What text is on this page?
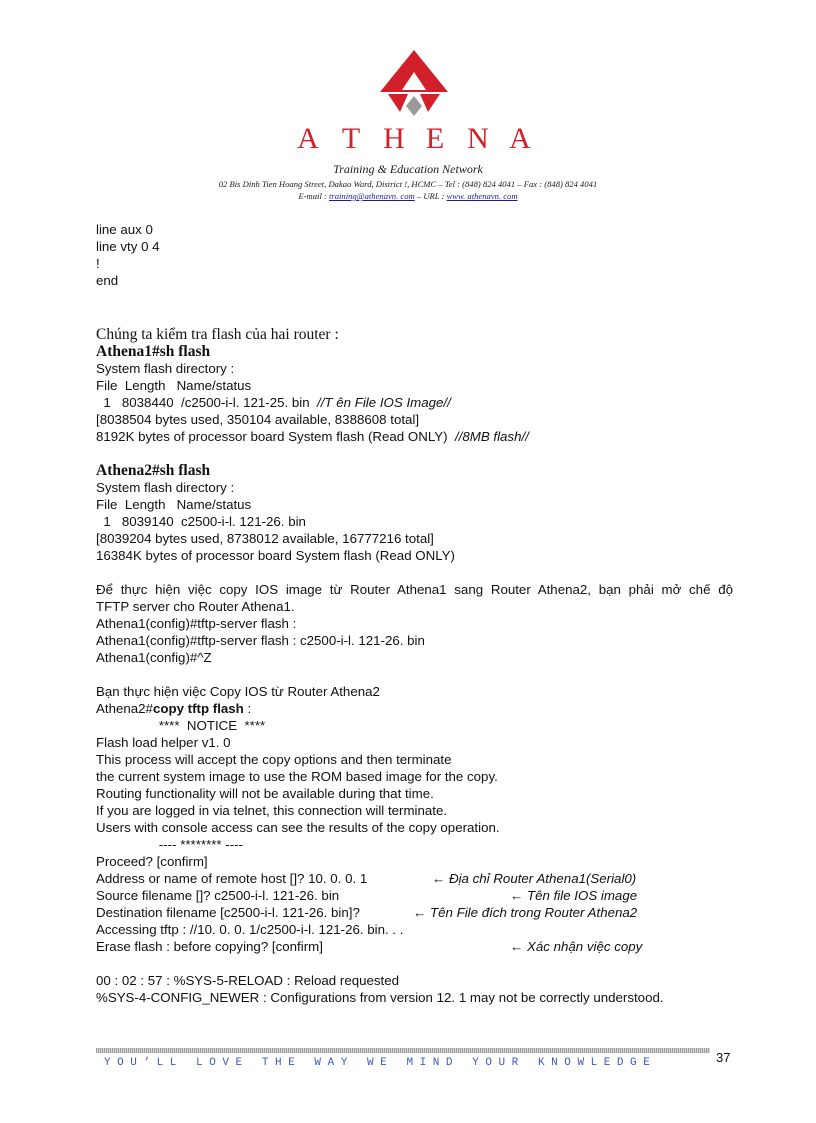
A T H E N A
Training & Education Network
02 Bis Dinh Tien Hoang Street, Dakao Ward, District !, HCMC – Tel : (848) 824 4041 – Fax : (848) 824 4041
E-mail : training@athenavn. com – URL : www. athenavn. com
line aux 0
line vty 0 4
!
end
Chúng ta kiểm tra flash của hai router :
Athena1#sh flash
System flash directory :
File  Length   Name/status
1   8038440  /c2500-i-l. 121-25. bin  //T ên File IOS Image//
[8038504 bytes used, 350104 available, 8388608 total]
8192K bytes of processor board System flash (Read ONLY)  //8MB flash//
Athena2#sh flash
System flash directory :
File  Length   Name/status
1   8039140  c2500-i-l. 121-26. bin
[8039204 bytes used, 8738012 available, 16777216 total]
16384K bytes of processor board System flash (Read ONLY)
Để thực hiện việc copy IOS image từ Router Athena1 sang Router Athena2, bạn phải mở chế độ
TFTP server cho Router Athena1.
Athena1(config)#tftp-server flash :
Athena1(config)#tftp-server flash : c2500-i-l. 121-26. bin
Athena1(config)#^Z
Bạn thực hiện việc Copy IOS từ Router Athena2
Athena2#copy tftp flash :
****  NOTICE  ****
Flash load helper v1. 0
This process will accept the copy options and then terminate
the current system image to use the ROM based image for the copy.
Routing functionality will not be available during that time.
If you are logged in via telnet, this connection will terminate.
Users with console access can see the results of the copy operation.
---- ******** ----
Proceed? [confirm]
Address or name of remote host []? 10. 0. 0. 1	← Địa chỉ Router Athena1(Serial0)
Source filename []? c2500-i-l. 121-26. bin	← Tên file IOS image
Destination filename [c2500-i-l. 121-26. bin]?	← Tên File đích trong Router Athena2
Accessing tftp : //10. 0. 0. 1/c2500-i-l. 121-26. bin. . .
Erase flash : before copying? [confirm]	← Xác nhận việc copy
00 : 02 : 57 : %SYS-5-RELOAD : Reload requested
%SYS-4-CONFIG_NEWER : Configurations from version 12. 1 may not be correctly understood.
YOU’LL LOVE THE WAY WE MIND YOUR KNOWLEDGE	37
